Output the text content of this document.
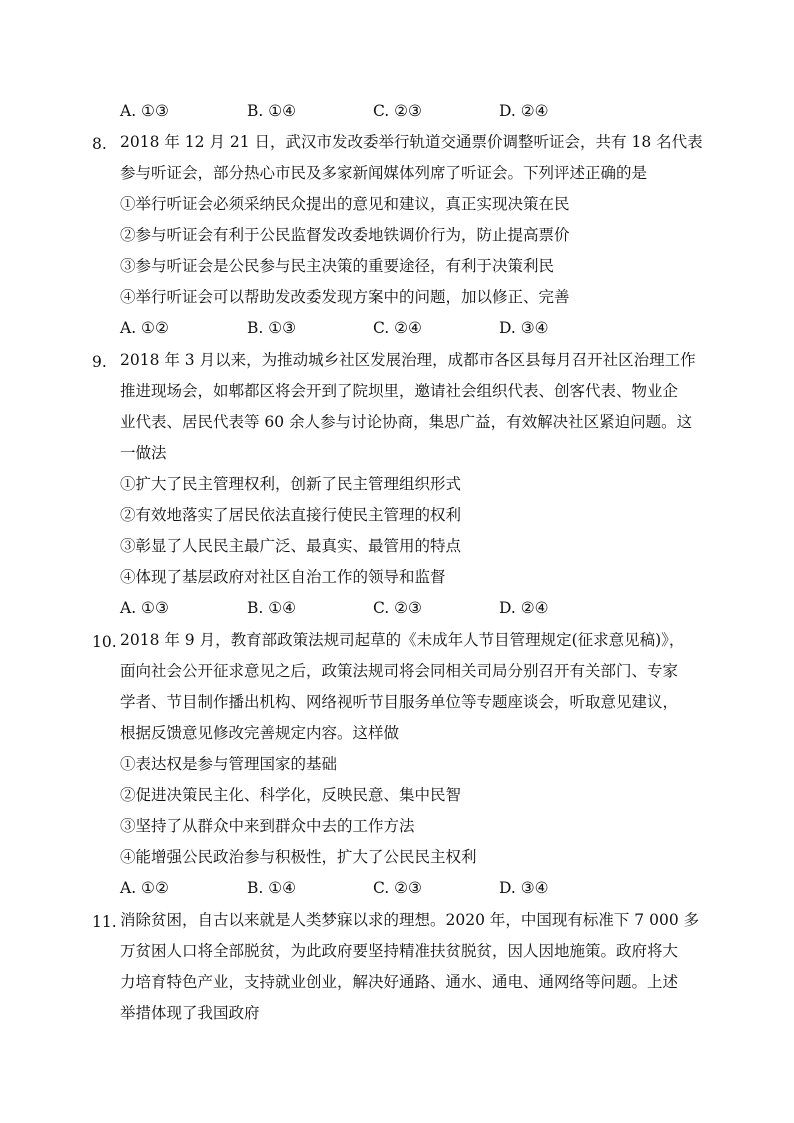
A. ①③	B. ①④	C. ②③	D. ②④
8. 2018 年 12 月 21 日，武汉市发改委举行轨道交通票价调整听证会，共有 18 名代表
参与听证会，部分热心市民及多家新闻媒体列席了听证会。下列评述正确的是
①举行听证会必须采纳民众提出的意见和建议，真正实现决策在民
②参与听证会有利于公民监督发改委地铁调价行为，防止提高票价
③参与听证会是公民参与民主决策的重要途径，有利于决策利民
④举行听证会可以帮助发改委发现方案中的问题，加以修正、完善
A. ①②	B. ①③	C. ②④	D. ③④
9. 2018 年 3 月以来，为推动城乡社区发展治理，成都市各区县每月召开社区治理工作
推进现场会，如郫都区将会开到了院坝里，邀请社会组织代表、创客代表、物业企
业代表、居民代表等 60 余人参与讨论协商，集思广益，有效解决社区紧迫问题。这
一做法
①扩大了民主管理权利，创新了民主管理组织形式
②有效地落实了居民依法直接行使民主管理的权利
③彰显了人民民主最广泛、最真实、最管用的特点
④体现了基层政府对社区自治工作的领导和监督
A. ①③	B. ①④	C. ②③	D. ②④
10. 2018 年 9 月，教育部政策法规司起草的《未成年人节目管理规定(征求意见稿)》，
面向社会公开征求意见之后，政策法规司将会同相关司局分别召开有关部门、专家
学者、节目制作播出机构、网络视听节目服务单位等专题座谈会，听取意见建议，
根据反馈意见修改完善规定内容。这样做
①表达权是参与管理国家的基础
②促进决策民主化、科学化，反映民意、集中民智
③坚持了从群众中来到群众中去的工作方法
④能增强公民政治参与积极性，扩大了公民民主权利
A. ①②	B. ①④	C. ②③	D. ③④
11. 消除贫困，自古以来就是人类梦寐以求的理想。2020 年，中国现有标准下 7 000 多
万贫困人口将全部脱贫，为此政府要坚持精准扶贫脱贫，因人因地施策。政府将大
力培育特色产业，支持就业创业，解决好通路、通水、通电、通网络等问题。上述
举措体现了我国政府
